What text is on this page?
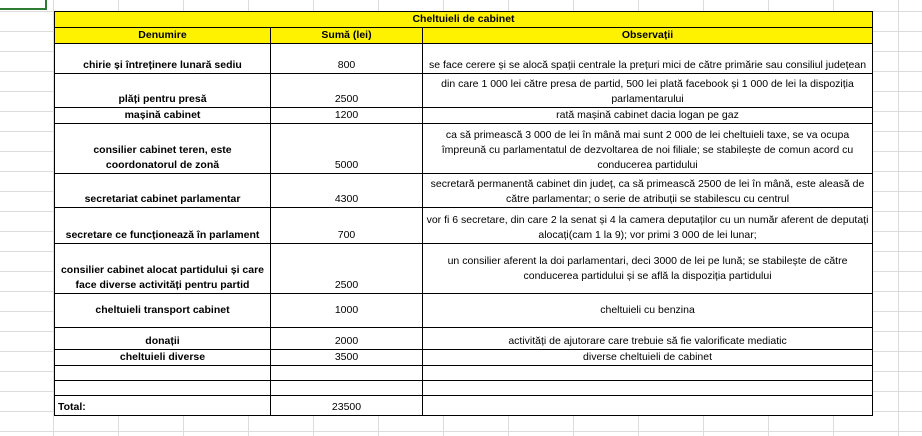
Cheltuieli de cabinet		
Denumire	Sumă (lei)	Observații
chirie și întreținere lunară sediu	800	se face cerere și se alocă spații centrale la prețuri mici de către primărie sau consiliul județean
plăți pentru presă	2500	din care 1 000 lei către presa de partid, 500 lei plată facebook și 1 000 de lei la dispoziția parlamentarului
mașină cabinet	1200	rată mașină cabinet dacia logan pe gaz
consilier cabinet teren, este coordonatorul de zonă	5000	ca să primească 3 000 de lei în mână mai sunt 2 000 de lei cheltuieli taxe, se va ocupa împreună cu parlamentatul de dezvoltarea de noi filiale; se stabilește de comun acord cu conducerea partidului
secretariat cabinet parlamentar	4300	secretară permanentă cabinet din județ, ca să primească 2500 de lei în mână, este aleasă de către parlamentar; o serie de atribuții se stabilescu cu centrul
secretare ce funcționează în parlament	700	vor fi 6 secretare, din care 2 la senat și 4 la camera deputaților cu un număr aferent de deputați alocați(cam 1 la 9); vor primi 3 000 de lei lunar;
consilier cabinet alocat partidului și care face diverse activități pentru partid	2500	un consilier aferent la doi parlamentari, deci 3000 de lei pe lună; se stabilește de către conducerea partidului și se află la dispoziția partidului
cheltuieli transport cabinet	1000	cheltuieli cu benzina
donații	2000	activități de ajutorare care trebuie să fie valorificate mediatic
cheltuieli diverse	3500	diverse cheltuieli de cabinet

Total:	23500	
